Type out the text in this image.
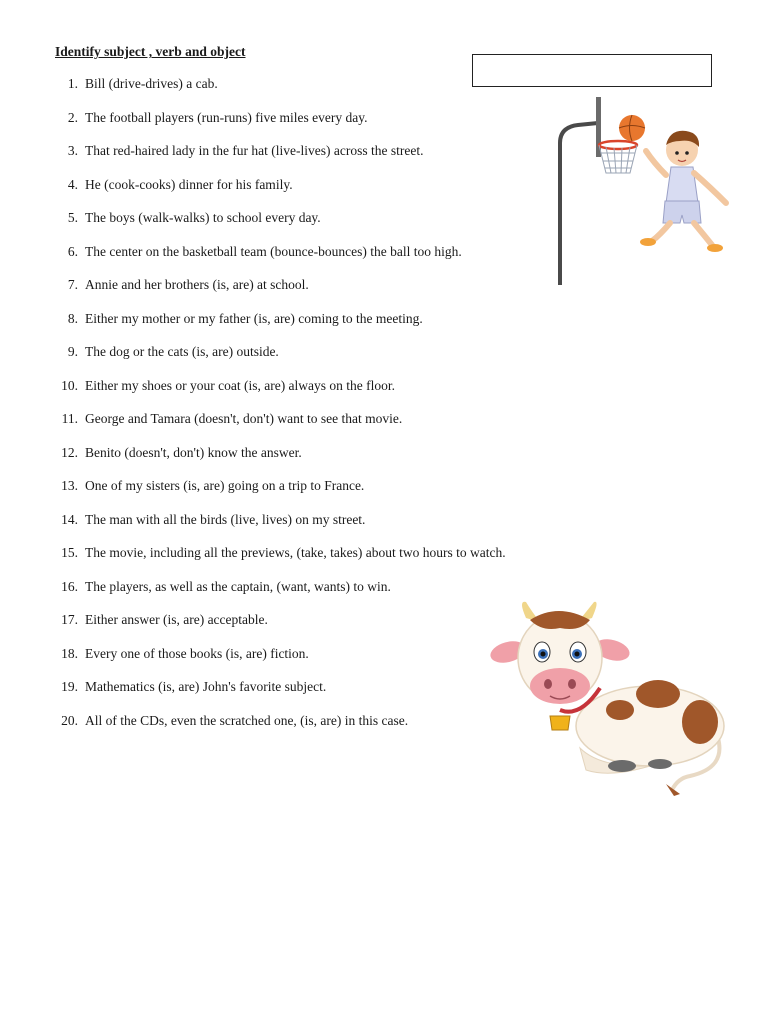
Identify subject , verb and object
1. Bill (drive-drives) a cab.
2. The football players (run-runs) five miles every day.
3. That red-haired lady in the fur hat (live-lives) across the street.
4. He (cook-cooks) dinner for his family.
5. The boys (walk-walks) to school every day.
6. The center on the basketball team (bounce-bounces) the ball too high.
7. Annie and her brothers (is, are) at school.
8. Either my mother or my father (is, are) coming to the meeting.
9. The dog or the cats (is, are) outside.
10. Either my shoes or your coat (is, are) always on the floor.
11. George and Tamara (doesn't, don't) want to see that movie.
12. Benito (doesn't, don't) know the answer.
13. One of my sisters (is, are) going on a trip to France.
14. The man with all the birds (live, lives) on my street.
15. The movie, including all the previews, (take, takes) about two hours to watch.
16. The players, as well as the captain, (want, wants) to win.
17. Either answer (is, are) acceptable.
18. Every one of those books (is, are) fiction.
19. Mathematics (is, are) John's favorite subject.
20. All of the CDs, even the scratched one, (is, are) in this case.
